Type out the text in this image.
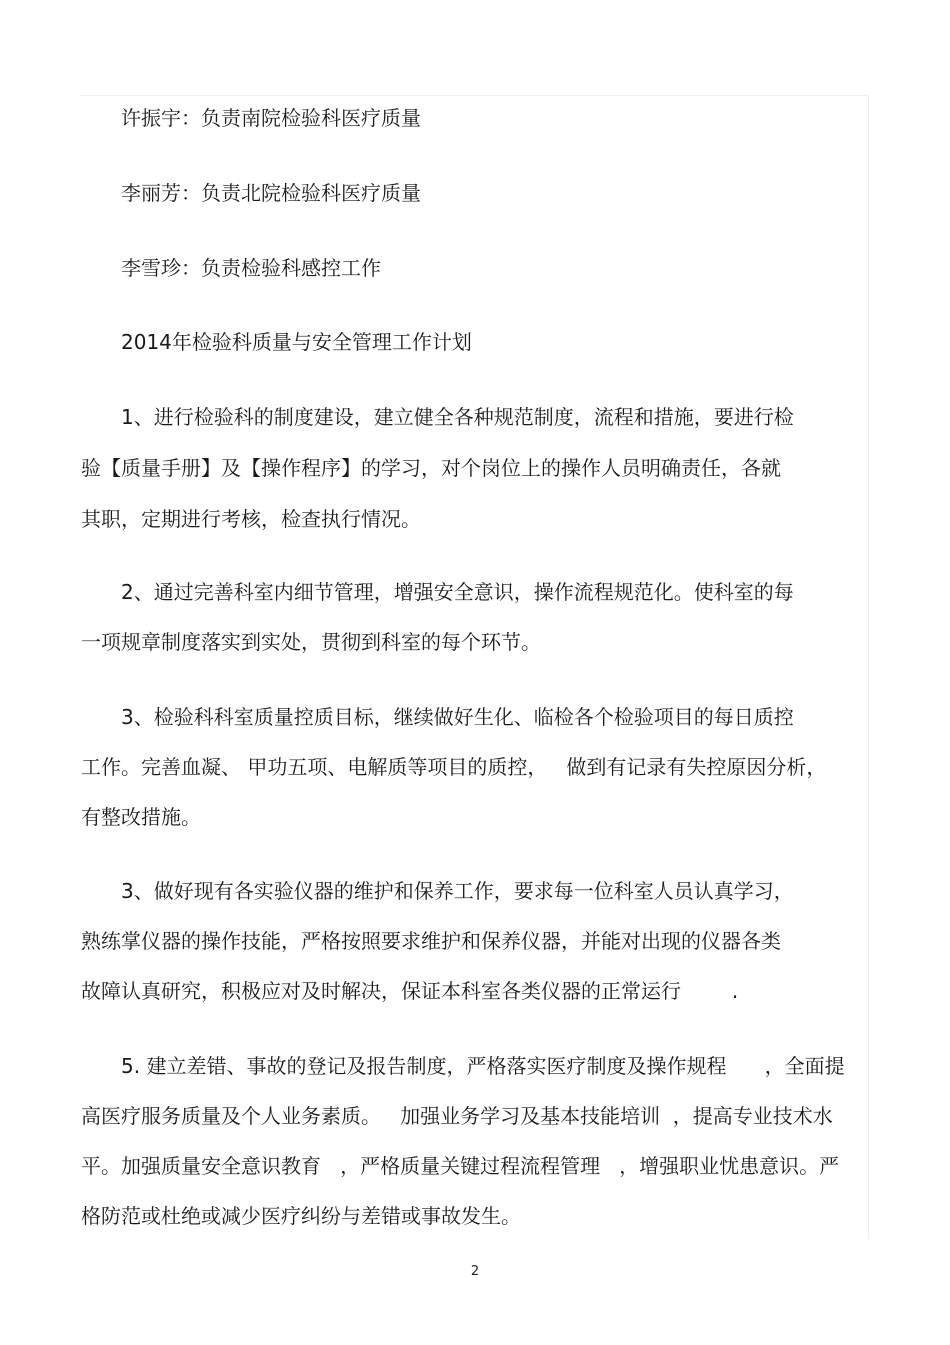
许振宇：负责南院检验科医疗质量

李丽芳：负责北院检验科医疗质量

李雪珍：负责检验科感控工作

2014年检验科质量与安全管理工作计划

1、进行检验科的制度建设，建立健全各种规范制度，流程和措施，要进行检

验【质量手册】及【操作程序】的学习，对个岗位上的操作人员明确责任，各就

其职，定期进行考核，检查执行情况。

2、通过完善科室内细节管理，增强安全意识，操作流程规范化。使科室的每

一项规章制度落实到实处，贯彻到科室的每个环节。

3、检验科科室质量控质目标，继续做好生化、临检各个检验项目的每日质控

工作。完善血凝、 甲功五项、电解质等项目的质控，   做到有记录有失控原因分析，

有整改措施。

3、做好现有各实验仪器的维护和保养工作，要求每一位科室人员认真学习，

熟练掌仪器的操作技能，严格按照要求维护和保养仪器，并能对出现的仪器各类

故障认真研究，积极应对及时解决，保证本科室各类仪器的正常运行        .

5. 建立差错、事故的登记及报告制度，严格落实医疗制度及操作规程      ，全面提

高医疗服务质量及个人业务素质。   加强业务学习及基本技能培训  ，提高专业技术水

平。加强质量安全意识教育   ，严格质量关键过程流程管理   ，增强职业忧患意识。严

格防范或杜绝或减少医疗纠纷与差错或事故发生。

2
